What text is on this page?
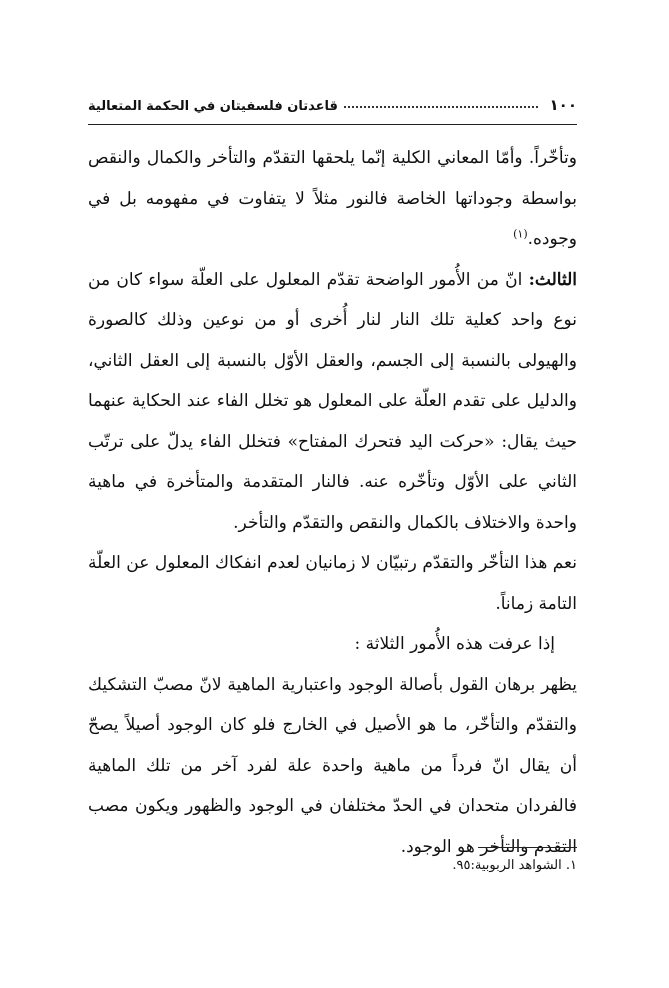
١٠٠
قاعدتان فلسفيتان في الحكمة المتعالية

وتأخّراً. وأمّا المعاني الكلية إنّما يلحقها التقدّم والتأخر والكمال والنقص بواسطة وجوداتها الخاصة فالنور مثلاً لا يتفاوت في مفهومه بل في وجوده.$^{(١)}$

الثالث: انّ من الأُمور الواضحة تقدّم المعلول على العلّة سواء كان من نوع واحد كعلية تلك النار لنار أُخرى أو من نوعين وذلك كالصورة والهيولى بالنسبة إلى الجسم، والعقل الأوّل بالنسبة إلى العقل الثاني، والدليل على تقدم العلّة على المعلول هو تخلل الفاء عند الحكاية عنهما حيث يقال: «حركت اليد فتحرك المفتاح» فتخلل الفاء يدلّ على ترتّب الثاني على الأوّل وتأخّره عنه. فالنار المتقدمة والمتأخرة في ماهية واحدة والاختلاف بالكمال والنقص والتقدّم والتأخر.

نعم هذا التأخّر والتقدّم رتبيّان لا زمانيان لعدم انفكاك المعلول عن العلّة التامة زماناً.

إذا عرفت هذه الأُمور الثلاثة :

يظهر برهان القول بأصالة الوجود واعتبارية الماهية لانّ مصبّ التشكيك والتقدّم والتأخّر، ما هو الأصيل في الخارج فلو كان الوجود أصيلاً يصحّ أن يقال انّ فرداً من ماهية واحدة علة لفرد آخر من تلك الماهية فالفردان متحدان في الحدّ مختلفان في الوجود والظهور ويكون مصب التقدم والتأخر هو الوجود.

١. الشواهد الربوبية:٩٥.
